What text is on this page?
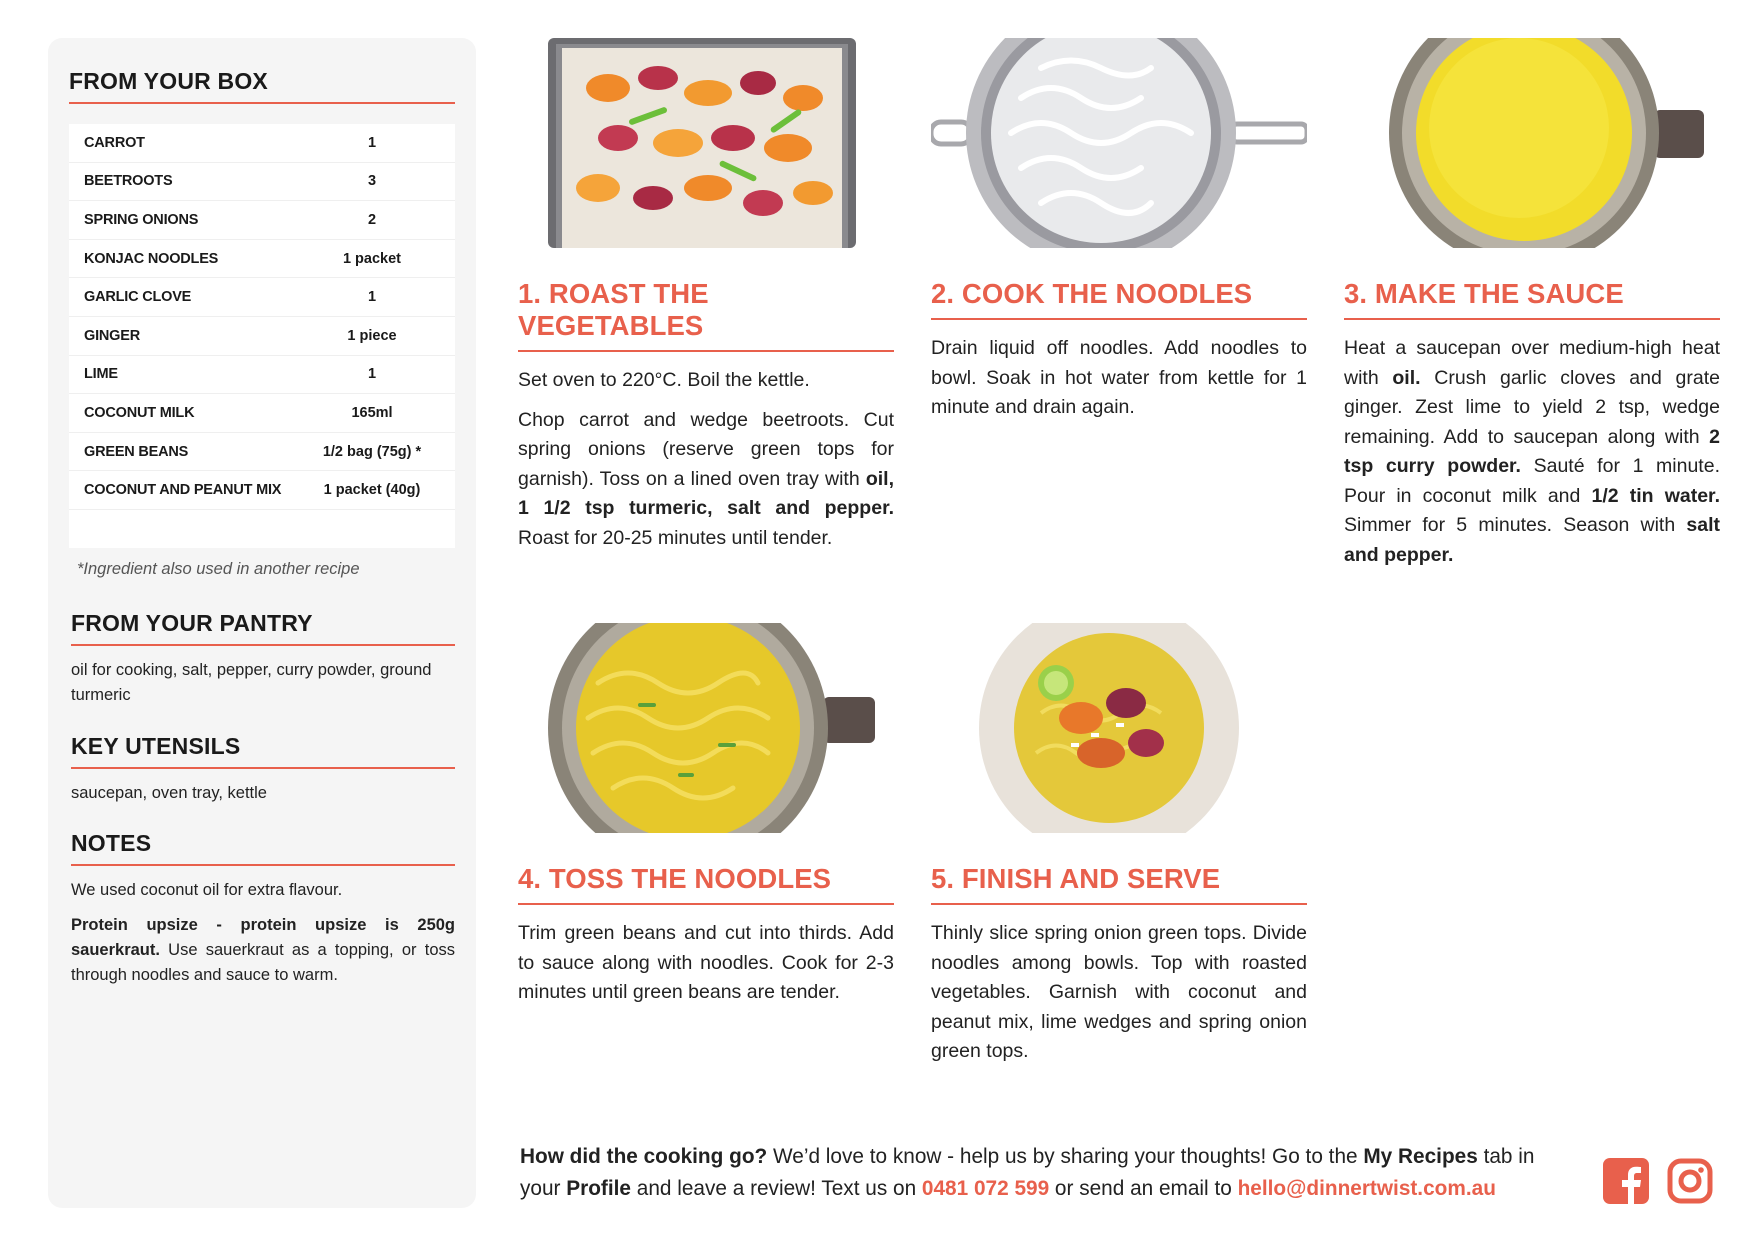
FROM YOUR BOX
CARROT	1
BEETROOTS	3
SPRING ONIONS	2
KONJAC NOODLES	1 packet
GARLIC CLOVE	1
GINGER	1 piece
LIME	1
COCONUT MILK	165ml
GREEN BEANS	1/2 bag (75g) *
COCONUT AND PEANUT MIX	1 packet (40g)
*Ingredient also used in another recipe
FROM YOUR PANTRY
oil for cooking, salt, pepper, curry powder, ground turmeric
KEY UTENSILS
saucepan, oven tray, kettle
NOTES
We used coconut oil for extra flavour.
Protein upsize - protein upsize is 250g sauerkraut. Use sauerkraut as a topping, or toss through noodles and sauce to warm.
1. ROAST THE VEGETABLES

Set oven to 220°C. Boil the kettle.

Chop carrot and wedge beetroots. Cut spring onions (reserve green tops for garnish). Toss on a lined oven tray with oil, 1 1/2 tsp turmeric, salt and pepper. Roast for 20-25 minutes until tender.

2. COOK THE NOODLES

Drain liquid off noodles. Add noodles to bowl. Soak in hot water from kettle for 1 minute and drain again.

3. MAKE THE SAUCE

Heat a saucepan over medium-high heat with oil. Crush garlic cloves and grate ginger. Zest lime to yield 2 tsp, wedge remaining. Add to saucepan along with 2 tsp curry powder. Sauté for 1 minute. Pour in coconut milk and 1/2 tin water. Simmer for 5 minutes. Season with salt and pepper.

4. TOSS THE NOODLES

Trim green beans and cut into thirds. Add to sauce along with noodles. Cook for 2-3 minutes until green beans are tender.

5. FINISH AND SERVE

Thinly slice spring onion green tops. Divide noodles among bowls. Top with roasted vegetables. Garnish with coconut and peanut mix, lime wedges and spring onion green tops.

How did the cooking go? We’d love to know - help us by sharing your thoughts! Go to the My Recipes tab in your Profile and leave a review! Text us on 0481 072 599 or send an email to hello@dinnertwist.com.au
